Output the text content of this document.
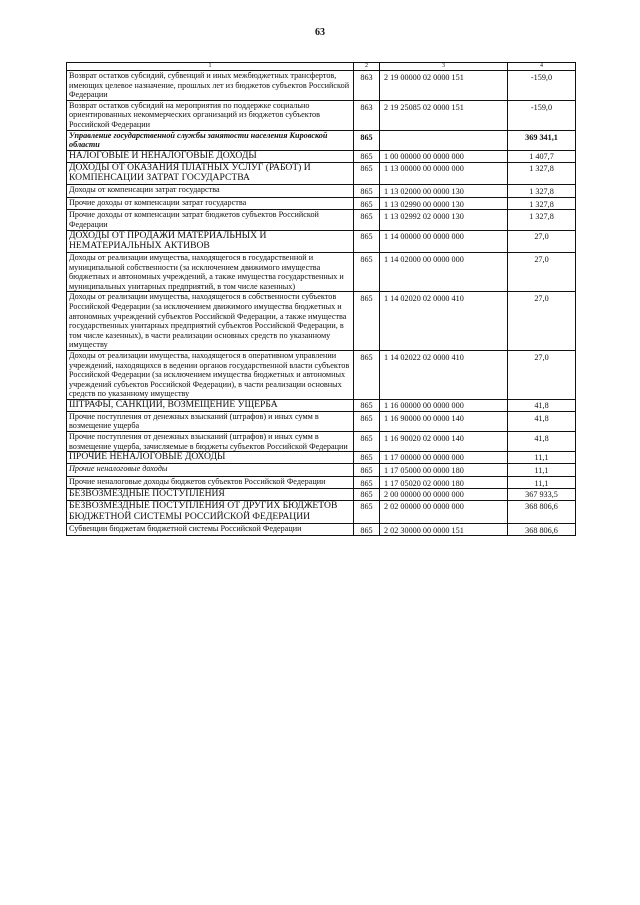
63
1	2	3	4
Возврат остатков субсидий, субвенций и иных межбюджетных трансфертов, имеющих целевое назначение, прошлых лет из бюджетов субъектов Российской Федерации	863	2 19 00000 02 0000 151	-159,0
Возврат остатков субсидий на мероприятия по поддержке социально ориентированных некоммерческих организаций из бюджетов субъектов Российской Федерации	863	2 19 25085 02 0000 151	-159,0
Управление государственной службы занятости населения Кировской области	865		369 341,1
НАЛОГОВЫЕ И НЕНАЛОГОВЫЕ ДОХОДЫ	865	1 00 00000 00 0000 000	1 407,7
ДОХОДЫ ОТ ОКАЗАНИЯ ПЛАТНЫХ УСЛУГ (РАБОТ) И КОМПЕНСАЦИИ ЗАТРАТ ГОСУДАРСТВА	865	1 13 00000 00 0000 000	1 327,8
Доходы от компенсации затрат государства	865	1 13 02000 00 0000 130	1 327,8
Прочие доходы от компенсации затрат государства	865	1 13 02990 00 0000 130	1 327,8
Прочие доходы от компенсации затрат бюджетов субъектов Российской Федерации	865	1 13 02992 02 0000 130	1 327,8
ДОХОДЫ ОТ ПРОДАЖИ МАТЕРИАЛЬНЫХ И НЕМАТЕРИАЛЬНЫХ АКТИВОВ	865	1 14 00000 00 0000 000	27,0
Доходы от реализации имущества, находящегося в государственной и муниципальной собственности (за исключением движимого имущества бюджетных и автономных учреждений, а также имущества государственных и муниципальных унитарных предприятий, в том числе казенных)	865	1 14 02000 00 0000 000	27,0
Доходы от реализации имущества, находящегося в собственности субъектов Российской Федерации (за исключением движимого имущества бюджетных и автономных учреждений субъектов Российской Федерации, а также имущества государственных унитарных предприятий субъектов Российской Федерации, в том числе казенных), в части реализации основных средств по указанному имуществу	865	1 14 02020 02 0000 410	27,0
Доходы от реализации имущества, находящегося в оперативном управлении учреждений, находящихся в ведении органов государственной власти субъектов Российской Федерации (за исключением имущества бюджетных и автономных учреждений субъектов Российской Федерации), в части реализации основных средств по указанному имуществу	865	1 14 02022 02 0000 410	27,0
ШТРАФЫ, САНКЦИИ, ВОЗМЕЩЕНИЕ УЩЕРБА	865	1 16 00000 00 0000 000	41,8
Прочие поступления от денежных взысканий (штрафов) и иных сумм в возмещение ущерба	865	1 16 90000 00 0000 140	41,8
Прочие поступления от денежных взысканий (штрафов) и иных сумм в возмещение ущерба, зачисляемые в бюджеты субъектов Российской Федерации	865	1 16 90020 02 0000 140	41,8
ПРОЧИЕ НЕНАЛОГОВЫЕ ДОХОДЫ	865	1 17 00000 00 0000 000	11,1
Прочие неналоговые доходы	865	1 17 05000 00 0000 180	11,1
Прочие неналоговые доходы бюджетов субъектов Российской Федерации	865	1 17 05020 02 0000 180	11,1
БЕЗВОЗМЕЗДНЫЕ ПОСТУПЛЕНИЯ	865	2 00 00000 00 0000 000	367 933,5
БЕЗВОЗМЕЗДНЫЕ ПОСТУПЛЕНИЯ ОТ ДРУГИХ БЮДЖЕТОВ БЮДЖЕТНОЙ СИСТЕМЫ РОССИЙСКОЙ ФЕДЕРАЦИИ	865	2 02 00000 00 0000 000	368 806,6
Субвенции бюджетам бюджетной системы Российской Федерации	865	2 02 30000 00 0000 151	368 806,6
